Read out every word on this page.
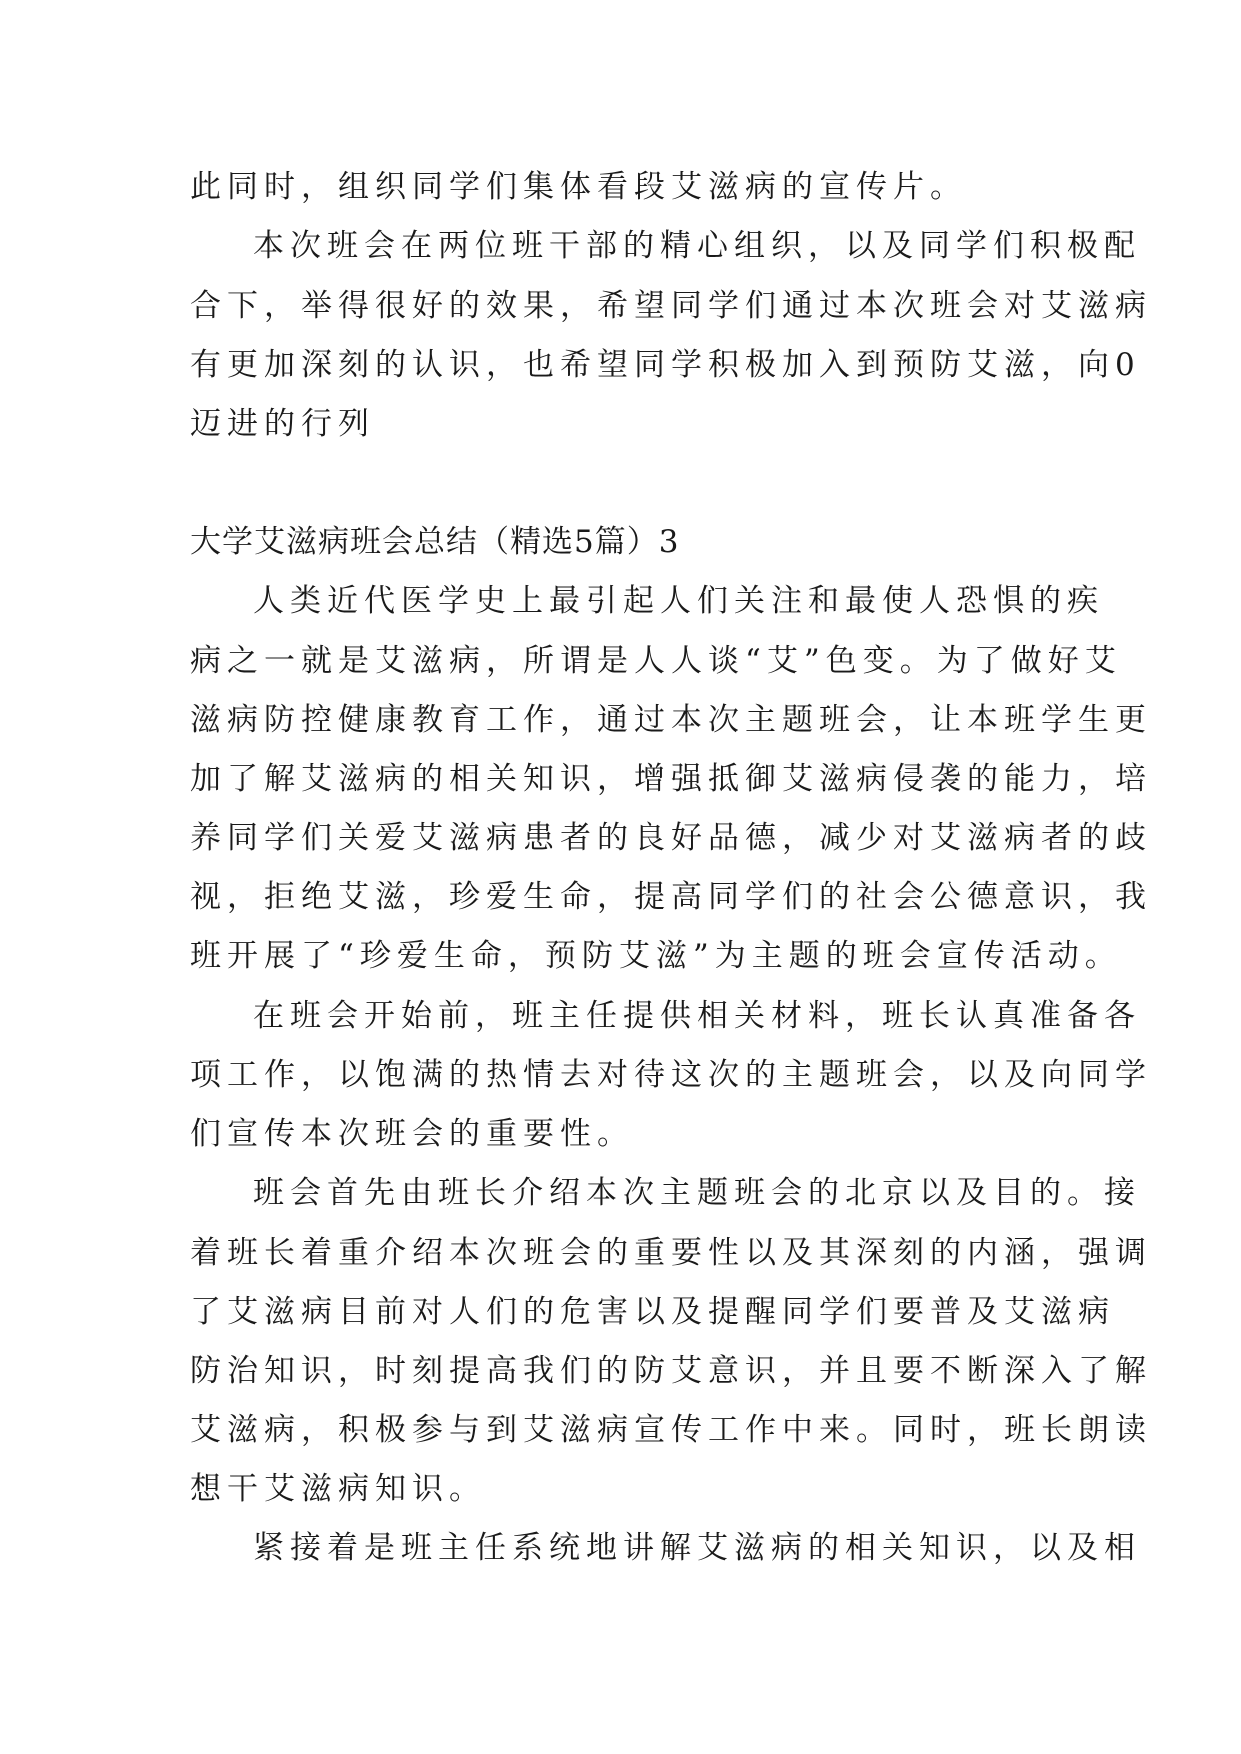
此同时，组织同学们集体看段艾滋病的宣传片。
本次班会在两位班干部的精心组织，以及同学们积极配
合下，举得很好的效果，希望同学们通过本次班会对艾滋病
有更加深刻的认识，也希望同学积极加入到预防艾滋，向0
迈进的行列
大学艾滋病班会总结（精选5篇）3
人类近代医学史上最引起人们关注和最使人恐惧的疾
病之一就是艾滋病，所谓是人人谈“艾”色变。为了做好艾
滋病防控健康教育工作，通过本次主题班会，让本班学生更
加了解艾滋病的相关知识，增强抵御艾滋病侵袭的能力，培
养同学们关爱艾滋病患者的良好品德，减少对艾滋病者的歧
视，拒绝艾滋，珍爱生命，提高同学们的社会公德意识，我
班开展了“珍爱生命，预防艾滋”为主题的班会宣传活动。
在班会开始前，班主任提供相关材料，班长认真准备各
项工作，以饱满的热情去对待这次的主题班会，以及向同学
们宣传本次班会的重要性。
班会首先由班长介绍本次主题班会的北京以及目的。接
着班长着重介绍本次班会的重要性以及其深刻的内涵，强调
了艾滋病目前对人们的危害以及提醒同学们要普及艾滋病
防治知识，时刻提高我们的防艾意识，并且要不断深入了解
艾滋病，积极参与到艾滋病宣传工作中来。同时，班长朗读
想干艾滋病知识。
紧接着是班主任系统地讲解艾滋病的相关知识，以及相
